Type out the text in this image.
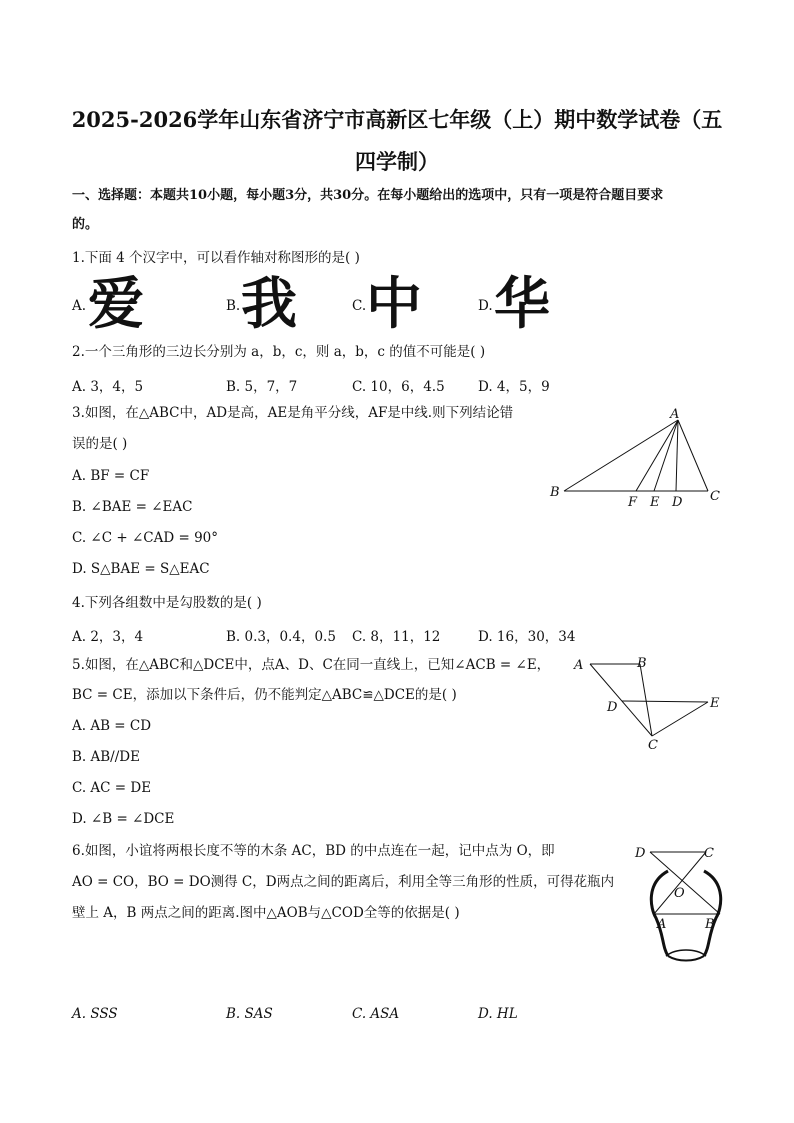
2025-2026学年山东省济宁市高新区七年级（上）期中数学试卷（五
四学制）
一、选择题：本题共10小题，每小题3分，共30分。在每小题给出的选项中，只有一项是符合题目要求
的。
1.下面 4 个汉字中，可以看作轴对称图形的是( )
A. 爱	B. 我	C. 中	D. 华
2.一个三角形的三边长分别为 a，b，c，则 a，b，c 的值不可能是( )
A. 3，4，5	B. 5，7，7	C. 10，6，4.5 D. 4，5，9
3.如图，在△ABC中，AD是高，AE是角平分线，AF是中线.则下列结论错
误的是( )
A. BF = CF
B. ∠BAE = ∠EAC
C. ∠C + ∠CAD = 90°
D. S△BAE = S△EAC
A
B	C
F E D
4.下列各组数中是勾股数的是( )
A. 2，3，4	B. 0.3，0.4，0.5 C. 8，11，12	D. 16，30，34
5.如图，在△ABC和△DCE中，点A、D、C在同一直线上，已知∠ACB = ∠E，
BC = CE，添加以下条件后，仍不能判定△ABC≌△DCE的是( )
A. AB = CD
B. AB//DE
C. AC = DE
D. ∠B = ∠DCE
A	B
D	E
C
6.如图，小谊将两根长度不等的木条 AC，BD 的中点连在一起，记中点为 O，即
AO = CO，BO = DO测得 C，D两点之间的距离后，利用全等三角形的性质，可得花瓶内
壁上 A，B 两点之间的距离.图中△AOB与△COD全等的依据是( )
A. SSS	B. SAS	C. ASA	D. HL
D	C
O
A	B
